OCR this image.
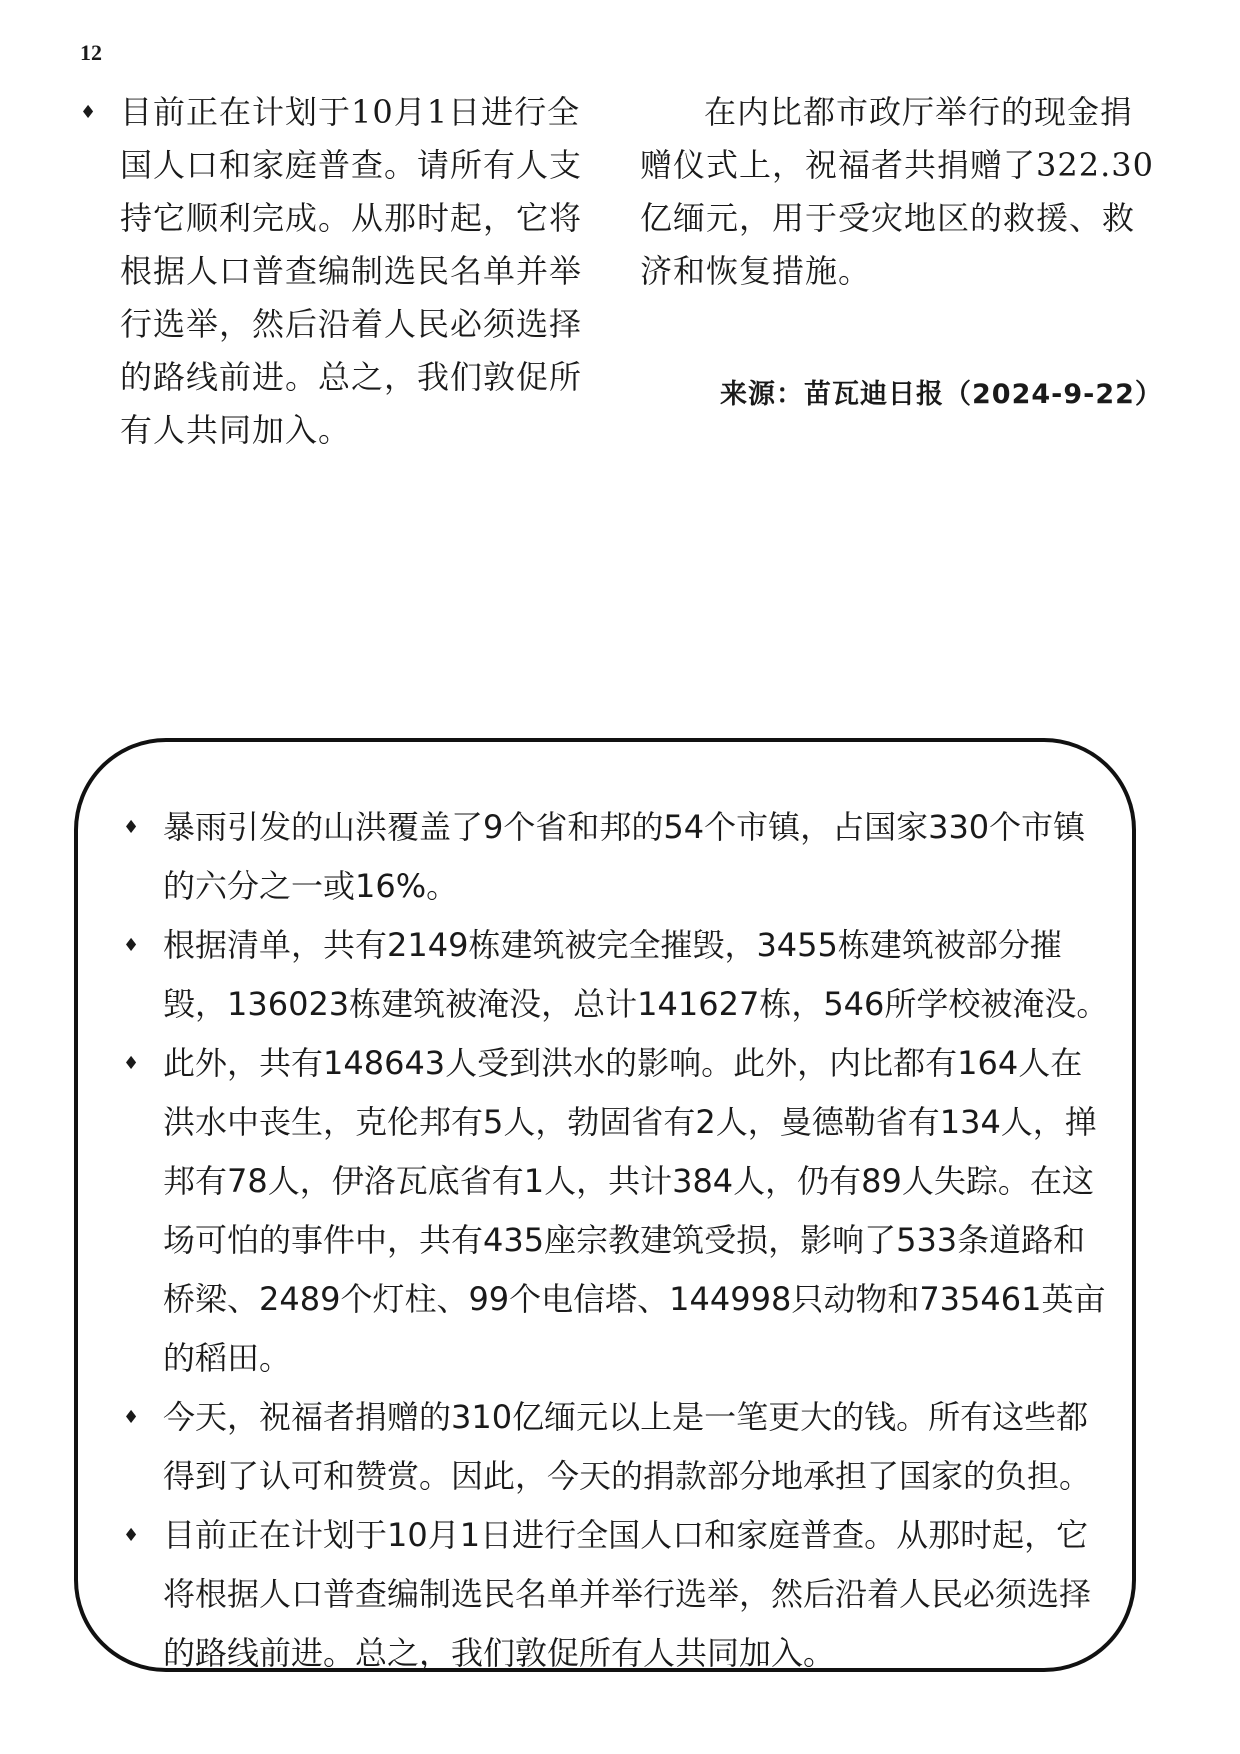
12
♦ 目前正在计划于10月1日进行全国人口和家庭普查。请所有人支持它顺利完成。从那时起，它将根据人口普查编制选民名单并举行选举，然后沿着人民必须选择的路线前进。总之，我们敦促所有人共同加入。

在内比都市政厅举行的现金捐赠仪式上，祝福者共捐赠了322.30亿缅元，用于受灾地区的救援、救济和恢复措施。

来源：苗瓦迪日报（2024-9-22）
♦ 暴雨引发的山洪覆盖了9个省和邦的54个市镇，占国家330个市镇的六分之一或16%。
♦ 根据清单，共有2149栋建筑被完全摧毁，3455栋建筑被部分摧毁，136023栋建筑被淹没，总计141627栋，546所学校被淹没。
♦ 此外，共有148643人受到洪水的影响。此外，内比都有164人在洪水中丧生，克伦邦有5人，勃固省有2人，曼德勒省有134人，掸邦有78人，伊洛瓦底省有1人，共计384人，仍有89人失踪。在这场可怕的事件中，共有435座宗教建筑受损，影响了533条道路和桥梁、2489个灯柱、99个电信塔、144998只动物和735461英亩的稻田。
♦ 今天，祝福者捐赠的310亿缅元以上是一笔更大的钱。所有这些都得到了认可和赞赏。因此，今天的捐款部分地承担了国家的负担。
♦ 目前正在计划于10月1日进行全国人口和家庭普查。从那时起，它将根据人口普查编制选民名单并举行选举，然后沿着人民必须选择的路线前进。总之，我们敦促所有人共同加入。
